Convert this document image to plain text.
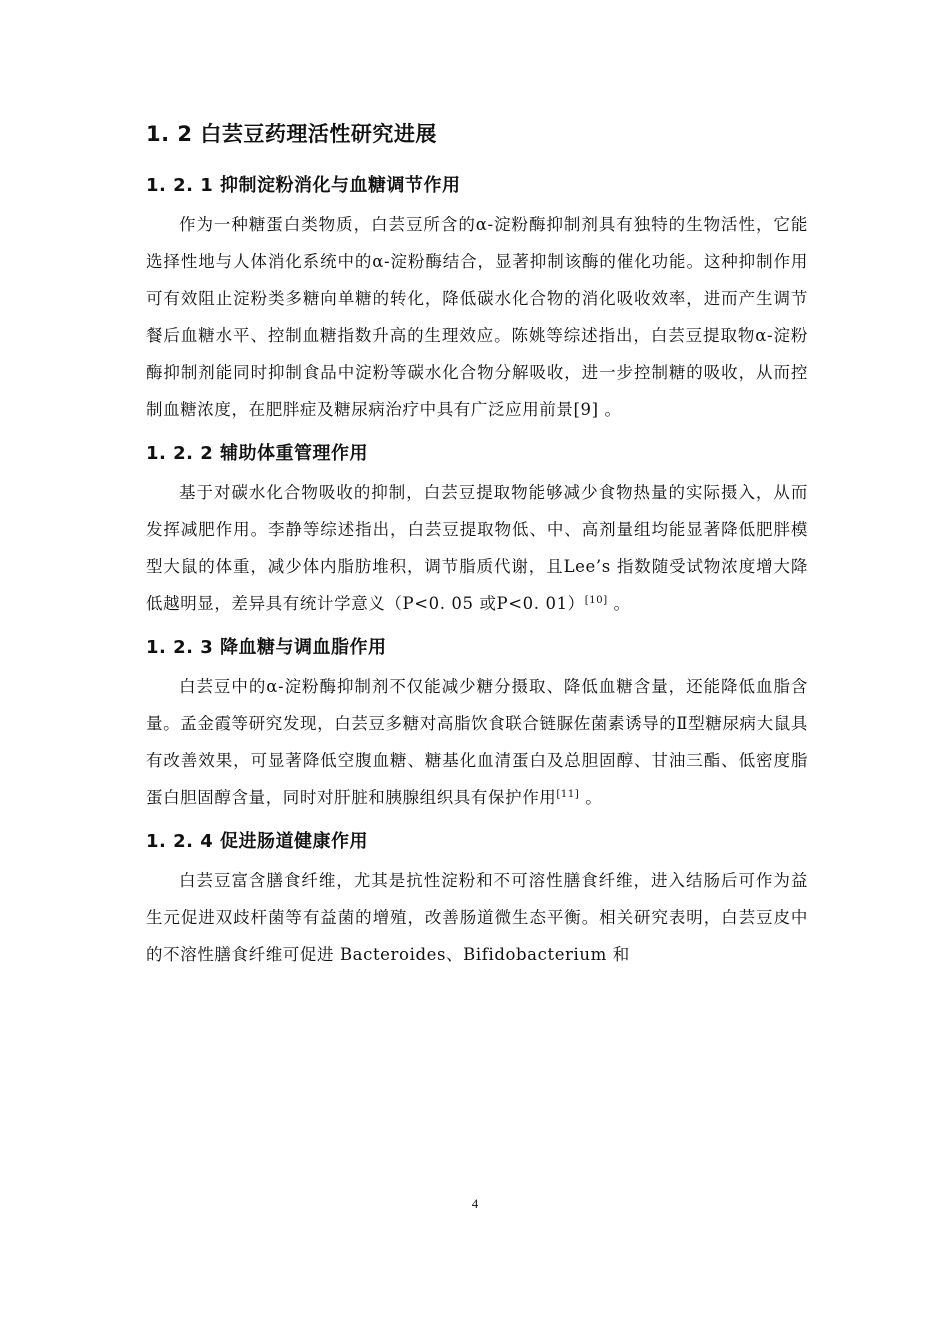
1. 2 白芸豆药理活性研究进展
1. 2. 1 抑制淀粉消化与血糖调节作用

作为一种糖蛋白类物质，白芸豆所含的α-淀粉酶抑制剂具有独特的生物活性，它能选择性地与人体消化系统中的α-淀粉酶结合，显著抑制该酶的催化功能。这种抑制作用可有效阻止淀粉类多糖向单糖的转化，降低碳水化合物的消化吸收效率，进而产生调节餐后血糖水平、控制血糖指数升高的生理效应。陈姚等综述指出，白芸豆提取物α-淀粉酶抑制剂能同时抑制食品中淀粉等碳水化合物分解吸收，进一步控制糖的吸收，从而控制血糖浓度，在肥胖症及糖尿病治疗中具有广泛应用前景[9] 。

1. 2. 2 辅助体重管理作用

基于对碳水化合物吸收的抑制，白芸豆提取物能够减少食物热量的实际摄入，从而发挥减肥作用。李静等综述指出，白芸豆提取物低、中、高剂量组均能显著降低肥胖模型大鼠的体重，减少体内脂肪堆积，调节脂质代谢，且Lee’s 指数随受试物浓度增大降低越明显，差异具有统计学意义（P<0. 05 或P<0. 01）[10] 。

1. 2. 3 降血糖与调血脂作用

白芸豆中的α-淀粉酶抑制剂不仅能减少糖分摄取、降低血糖含量，还能降低血脂含量。孟金霞等研究发现，白芸豆多糖对高脂饮食联合链脲佐菌素诱导的Ⅱ型糖尿病大鼠具有改善效果，可显著降低空腹血糖、糖基化血清蛋白及总胆固醇、甘油三酯、低密度脂蛋白胆固醇含量，同时对肝脏和胰腺组织具有保护作用[11] 。

1. 2. 4 促进肠道健康作用

白芸豆富含膳食纤维，尤其是抗性淀粉和不可溶性膳食纤维，进入结肠后可作为益生元促进双歧杆菌等有益菌的增殖，改善肠道微生态平衡。相关研究表明，白芸豆皮中的不溶性膳食纤维可促进 Bacteroides、Bifidobacterium 和

4
